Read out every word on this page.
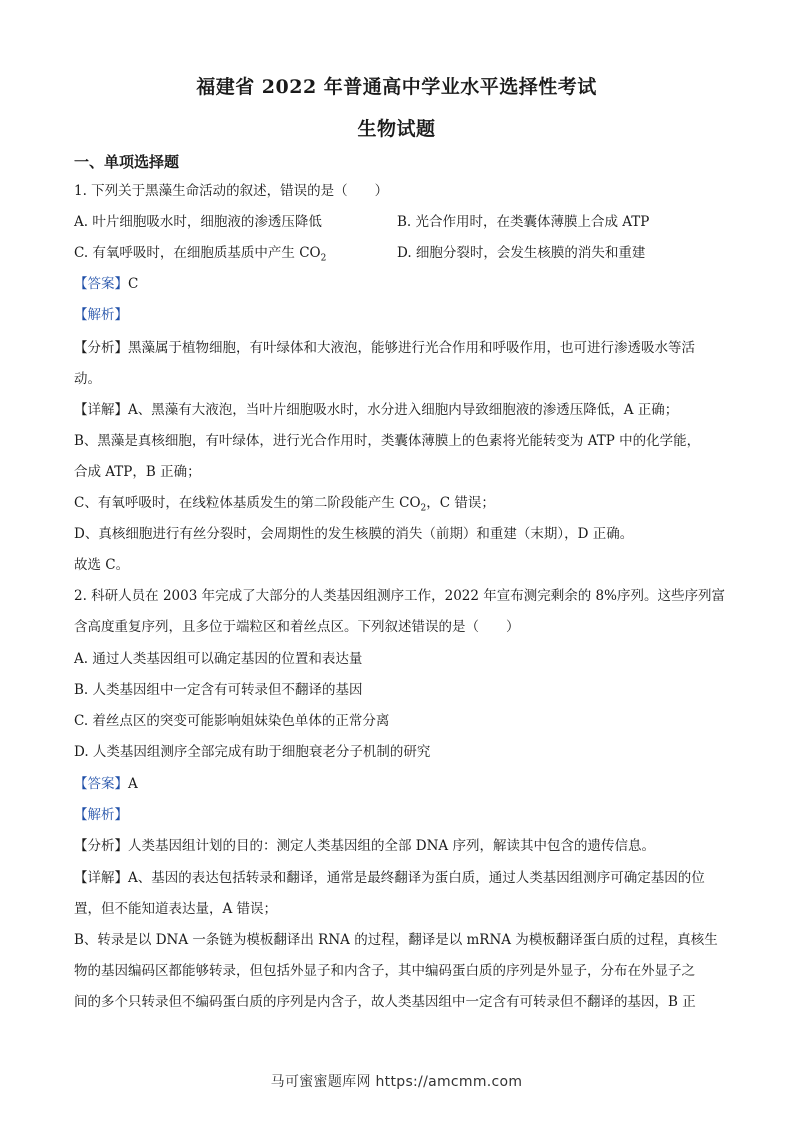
福建省 2022 年普通高中学业水平选择性考试
生物试题
一、单项选择题
1. 下列关于黑藻生命活动的叙述，错误的是（　　）
A. 叶片细胞吸水时，细胞液的渗透压降低	B. 光合作用时，在类囊体薄膜上合成 ATP
C. 有氧呼吸时，在细胞质基质中产生 $CO_2$	D. 细胞分裂时，会发生核膜的消失和重建
【答案】C
【解析】
【分析】黑藻属于植物细胞，有叶绿体和大液泡，能够进行光合作用和呼吸作用，也可进行渗透吸水等活
动。
【详解】A、黑藻有大液泡，当叶片细胞吸水时，水分进入细胞内导致细胞液的渗透压降低，A 正确；
B、黑藻是真核细胞，有叶绿体，进行光合作用时，类囊体薄膜上的色素将光能转变为 ATP 中的化学能，
合成 ATP，B 正确；
C、有氧呼吸时，在线粒体基质发生的第二阶段能产生 $CO_2$，C 错误；
D、真核细胞进行有丝分裂时，会周期性的发生核膜的消失（前期）和重建（末期），D 正确。
故选 C。
2. 科研人员在 2003 年完成了大部分的人类基因组测序工作，2022 年宣布测完剩余的 8%序列。这些序列富
含高度重复序列，且多位于端粒区和着丝点区。下列叙述错误的是（　　）
A. 通过人类基因组可以确定基因的位置和表达量
B. 人类基因组中一定含有可转录但不翻译的基因
C. 着丝点区的突变可能影响姐妹染色单体的正常分离
D. 人类基因组测序全部完成有助于细胞衰老分子机制的研究
【答案】A
【解析】
【分析】人类基因组计划的目的：测定人类基因组的全部 DNA 序列，解读其中包含的遗传信息。
【详解】A、基因的表达包括转录和翻译，通常是最终翻译为蛋白质，通过人类基因组测序可确定基因的位
置，但不能知道表达量，A 错误；
B、转录是以 DNA 一条链为模板翻译出 RNA 的过程，翻译是以 mRNA 为模板翻译蛋白质的过程，真核生
物的基因编码区都能够转录，但包括外显子和内含子，其中编码蛋白质的序列是外显子，分布在外显子之
间的多个只转录但不编码蛋白质的序列是内含子，故人类基因组中一定含有可转录但不翻译的基因，B 正
马可蜜蜜题库网 https://amcmm.com
